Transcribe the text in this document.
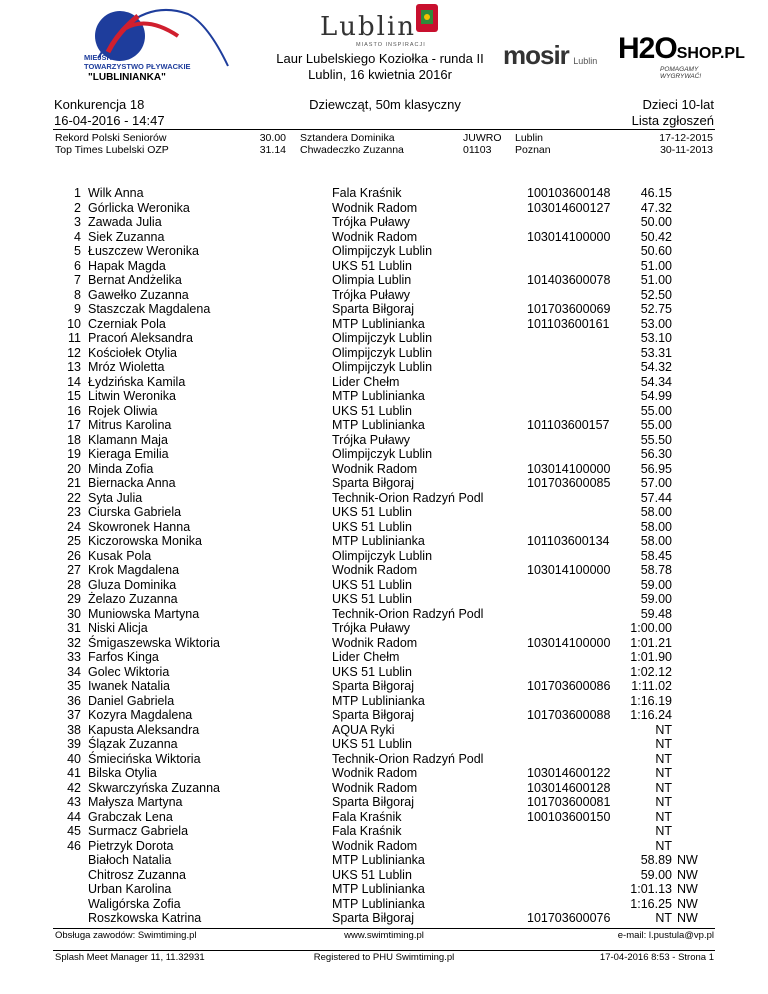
MIEJSKIE
TOWARZYSTWO PŁYWACKIE
"LUBLINIANKA"
Lublin
MIASTO INSPIRACJI	mosir Lublin H2OSHOP.PL
POMAGAMY WYGRYWAĆ!
Laur Lubelskiego Koziołka - runda II
Lublin, 16 kwietnia 2016r
Konkurencja 18
16-04-2016 - 14:47
Dziewcząt, 50m klasyczny	Dzieci 10-lat
Lista zgłoszeń
Rekord Polski Seniorów	30.00 Sztandera Dominika	JUWRO Lublin	17-12-2015
Top Times Lubelski OZP	31.14 Chwadeczko Zuzanna	01103 Poznan	30-11-2013
1 Wilk Anna	Fala Kraśnik	100103600148	46.15
2 Górlicka Weronika	Wodnik Radom	103014600127	47.32
3 Zawada Julia	Trójka Puławy	50.00
4 Siek Zuzanna	Wodnik Radom	103014100000	50.42
5 Łuszczew Weronika	Olimpijczyk Lublin	50.60
6 Hapak Magda	UKS 51 Lublin	51.00
7 Bernat Andżelika	Olimpia Lublin	101403600078	51.00
8 Gawełko Zuzanna	Trójka Puławy	52.50
9 Staszczak Magdalena	Sparta Biłgoraj	101703600069	52.75
10 Czerniak Pola	MTP Lublinianka	101103600161	53.00
11 Pracoń Aleksandra	Olimpijczyk Lublin	53.10
12 Kościołek Otylia	Olimpijczyk Lublin	53.31
13 Mróz Wioletta	Olimpijczyk Lublin	54.32
14 Łydzińska Kamila	Lider Chełm	54.34
15 Litwin Weronika	MTP Lublinianka	54.99
16 Rojek Oliwia	UKS 51 Lublin	55.00
17 Mitrus Karolina	MTP Lublinianka	101103600157	55.00
18 Klamann Maja	Trójka Puławy	55.50
19 Kieraga Emilia	Olimpijczyk Lublin	56.30
20 Minda Zofia	Wodnik Radom	103014100000	56.95
21 Biernacka Anna	Sparta Biłgoraj	101703600085	57.00
22 Syta Julia	Technik-Orion Radzyń Podl	57.44
23 Ciurska Gabriela	UKS 51 Lublin	58.00
24 Skowronek Hanna	UKS 51 Lublin	58.00
25 Kiczorowska Monika	MTP Lublinianka	101103600134	58.00
26 Kusak Pola	Olimpijczyk Lublin	58.45
27 Krok Magdalena	Wodnik Radom	103014100000	58.78
28 Gluza Dominika	UKS 51 Lublin	59.00
29 Żelazo Zuzanna	UKS 51 Lublin	59.00
30 Muniowska Martyna	Technik-Orion Radzyń Podl	59.48
31 Niski Alicja	Trójka Puławy	1:00.00
32 Śmigaszewska Wiktoria	Wodnik Radom	103014100000	1:01.21
33 Farfos Kinga	Lider Chełm	1:01.90
34 Golec Wiktoria	UKS 51 Lublin	1:02.12
35 Iwanek Natalia	Sparta Biłgoraj	101703600086	1:11.02
36 Daniel Gabriela	MTP Lublinianka	1:16.19
37 Kozyra Magdalena	Sparta Biłgoraj	101703600088	1:16.24
38 Kapusta Aleksandra	AQUA Ryki	NT
39 Ślązak Zuzanna	UKS 51 Lublin	NT
40 Śmiecińska Wiktoria	Technik-Orion Radzyń Podl	NT
41 Bilska Otylia	Wodnik Radom	103014600122	NT
42 Skwarczyńska Zuzanna	Wodnik Radom	103014600128	NT
43 Małysza Martyna	Sparta Biłgoraj	101703600081	NT
44 Grabczak Lena	Fala Kraśnik	100103600150	NT
45 Surmacz Gabriela	Fala Kraśnik	NT
46 Pietrzyk Dorota	Wodnik Radom	NT
Białoch Natalia	MTP Lublinianka	58.89 NW
Chitrosz Zuzanna	UKS 51 Lublin	59.00 NW
Urban Karolina	MTP Lublinianka	1:01.13 NW
Waligórska Zofia	MTP Lublinianka	1:16.25 NW
Roszkowska Katrina	Sparta Biłgoraj	101703600076	NT NW
Obsługa zawodów: Swimtiming.pl	www.swimtiming.pl	e-mail: l.pustula@vp.pl
Splash Meet Manager 11, 11.32931	Registered to PHU Swimtiming.pl	17-04-2016 8:53 - Strona 1
